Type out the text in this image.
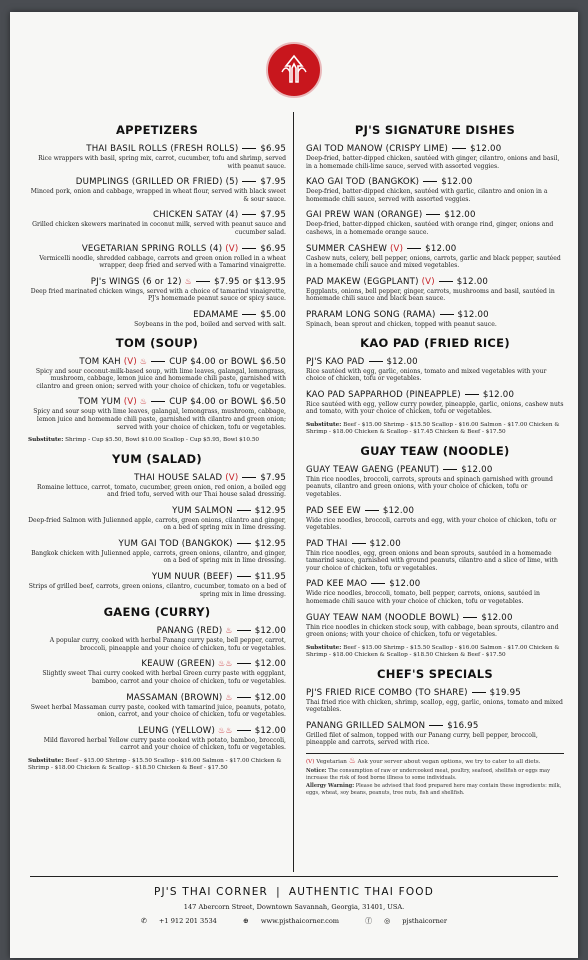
APPETIZERS
THAI BASIL ROLLS (FRESH ROLLS)	$6.95
Rice wrappers with basil, spring mix, carrot, cucumber, tofu and shrimp, served with peanut sauce.
DUMPLINGS (GRILLED OR FRIED) (5)	$7.95
Minced pork, onion and cabbage, wrapped in wheat flour, served with black sweet & sour sauce.
CHICKEN SATAY (4)	$7.95
Grilled chicken skewers marinated in coconut milk, served with peanut sauce and cucumber salad.
VEGETARIAN SPRING ROLLS (4) (V)	$6.95
Vermicelli noodle, shredded cabbage, carrots and green onion rolled in a wheat wrapper, deep fried and served with a Tamarind vinaigrette.
PJ's WINGS (6 or 12) ♨	$7.95 or $13.95
Deep fried marinated chicken wings, served with a choice of tamarind vinaigrette, PJ's homemade peanut sauce or spicy sauce.
EDAMAME	$5.00
Soybeans in the pod, boiled and served with salt.
TOM (SOUP)
TOM KAH (V) ♨	CUP $4.00 or BOWL $6.50
Spicy and sour coconut-milk-based soup, with lime leaves, galangal, lemongrass, mushroom, cabbage, lemon juice and homemade chili paste, garnished with cilantro and green onion; served with your choice of chicken, tofu or vegetables.
TOM YUM (V) ♨	CUP $4.00 or BOWL $6.50
Spicy and sour soup with lime leaves, galangal, lemongrass, mushroom, cabbage, lemon juice and homemade chili paste, garnished with cilantro and green onion; served with your choice of chicken, tofu or vegetables.
Substitute: Shrimp - Cup $5.50, Bowl $10.00 Scallop - Cup $5.95, Bowl $10.50
YUM (SALAD)
THAI HOUSE SALAD (V)	$7.95
Romaine lettuce, carrot, tomato, cucumber, green onion, red onion, a boiled egg and fried tofu, served with our Thai house salad dressing.
YUM SALMON	$12.95
Deep-fried Salmon with Julienned apple, carrots, green onions, cilantro and ginger, on a bed of spring mix in lime dressing.
YUM GAI TOD (BANGKOK)	$12.95
Bangkok chicken with Julienned apple, carrots, green onions, cilantro, and ginger, on a bed of spring mix in lime dressing.
YUM NUUR (BEEF)	$11.95
Strips of grilled beef, carrots, green onions, cilantro, cucumber, tomato on a bed of spring mix in lime dressing.
GAENG (CURRY)
PANANG (RED) ♨	$12.00
A popular curry, cooked with herbal Panang curry paste, bell pepper, carrot, broccoli, pineapple and your choice of chicken, tofu or vegetables.
KEAUW (GREEN) ♨♨	$12.00
Slightly sweet Thai curry cooked with herbal Green curry paste with eggplant, bamboo, carrot and your choice of chicken, tofu or vegetables.
MASSAMAN (BROWN) ♨	$12.00
Sweet herbal Massaman curry paste, cooked with tamarind juice, peanuts, potato, onion, carrot, and your choice of chicken, tofu or vegetables.
LEUNG (YELLOW) ♨♨	$12.00
Mild flavored herbal Yellow curry paste cooked with potato, bamboo, broccoli, carrot and your choice of chicken, tofu or vegetables.
Substitute: Beef - $15.00 Shrimp - $15.50 Scallop - $16.00 Salmon - $17.00 Chicken & Shrimp - $18.00 Chicken & Scallop - $18.50 Chicken & Beef - $17.50
PJ'S SIGNATURE DISHES
GAI TOD MANOW (CRISPY LIME)	$12.00
Deep-fried, batter-dipped chicken, sautéed with ginger, cilantro, onions and basil, in a homemade chili-lime sauce, served with assorted veggies.
KAO GAI TOD (BANGKOK)	$12.00
Deep-fried, batter-dipped chicken, sautéed with garlic, cilantro and onion in a homemade chili sauce, served with assorted veggies.
GAI PREW WAN (ORANGE)	$12.00
Deep-fried, batter-dipped chicken, sautéed with orange rind, ginger, onions and cashews, in a homemade orange sauce.
SUMMER CASHEW (V)	$12.00
Cashew nuts, celery, bell pepper, onions, carrots, garlic and black pepper, sautéed in a homemade chili sauce and mixed vegetables.
PAD MAKEW (EGGPLANT) (V)	$12.00
Eggplants, onions, bell pepper, ginger, carrots, mushrooms and basil, sautéed in homemade chili sauce and black bean sauce.
PRARAM LONG SONG (RAMA)	$12.00
Spinach, bean sprout and chicken, topped with peanut sauce.
KAO PAD (FRIED RICE)
PJ'S KAO PAD	$12.00
Rice sautéed with egg, garlic, onions, tomato and mixed vegetables with your choice of chicken, tofu or vegetables.
KAO PAD SAPPARHOD (PINEAPPLE)	$12.00
Rice sautéed with egg, yellow curry powder, pineapple, garlic, onions, cashew nuts and tomato, with your choice of chicken, tofu or vegetables.
Substitute: Beef - $15.00 Shrimp - $15.50 Scallop - $16.00 Salmon - $17.00 Chicken & Shrimp - $18.00 Chicken & Scallop - $17.45 Chicken & Beef - $17.50
GUAY TEAW (NOODLE)
GUAY TEAW GAENG (PEANUT)	$12.00
Thin rice noodles, broccoli, carrots, sprouts and spinach garnished with ground peanuts, cilantro and green onions, with your choice of chicken, tofu or vegetables.
PAD SEE EW	$12.00
Wide rice noodles, broccoli, carrots and egg, with your choice of chicken, tofu or vegetables.
PAD THAI	$12.00
Thin rice noodles, egg, green onions and bean sprouts, sautéed in a homemade tamarind sauce, garnished with ground peanuts, cilantro and a slice of lime, with your choice of chicken, tofu or vegetables.
PAD KEE MAO	$12.00
Wide rice noodles, broccoli, tomato, bell pepper, carrots, onions, sautéed in homemade chili sauce with your choice of chicken, tofu or vegetables.
GUAY TEAW NAM (NOODLE BOWL)	$12.00
Thin rice noodles in chicken stock soup, with cabbage, bean sprouts, cilantro and green onions; with your choice of chicken, tofu or vegetables.
Substitute: Beef - $15.00 Shrimp - $15.50 Scallop - $16.00 Salmon - $17.00 Chicken & Shrimp - $18.00 Chicken & Scallop - $18.50 Chicken & Beef - $17.50
CHEF'S SPECIALS
PJ'S FRIED RICE COMBO (TO SHARE)	$19.95
Thai fried rice with chicken, shrimp, scallop, egg, garlic, onions, tomato and mixed vegetables.
PANANG GRILLED SALMON	$16.95
Grilled filet of salmon, topped with our Panang curry, bell pepper, broccoli, pineapple and carrots, served with rice.
(V) Vegetarian ♨ Ask your server about vegan options, we try to cater to all diets.
Notice: The consumption of raw or undercooked meat, poultry, seafood, shellfish or eggs may increase the risk of food borne illness to some individuals.
Allergy Warning: Please be advised that food prepared here may contain these ingredients: milk, eggs, wheat, soy beans, peanuts, tree nuts, fish and shellfish.
PJ'S THAI CORNER | AUTHENTIC THAI FOOD
147 Abercorn Street, Downtown Savannah, Georgia, 31401, USA.
✆ +1 912 201 3534	⊕ www.pjsthaicorner.com	ⓕ ◎ pjsthaicorner
